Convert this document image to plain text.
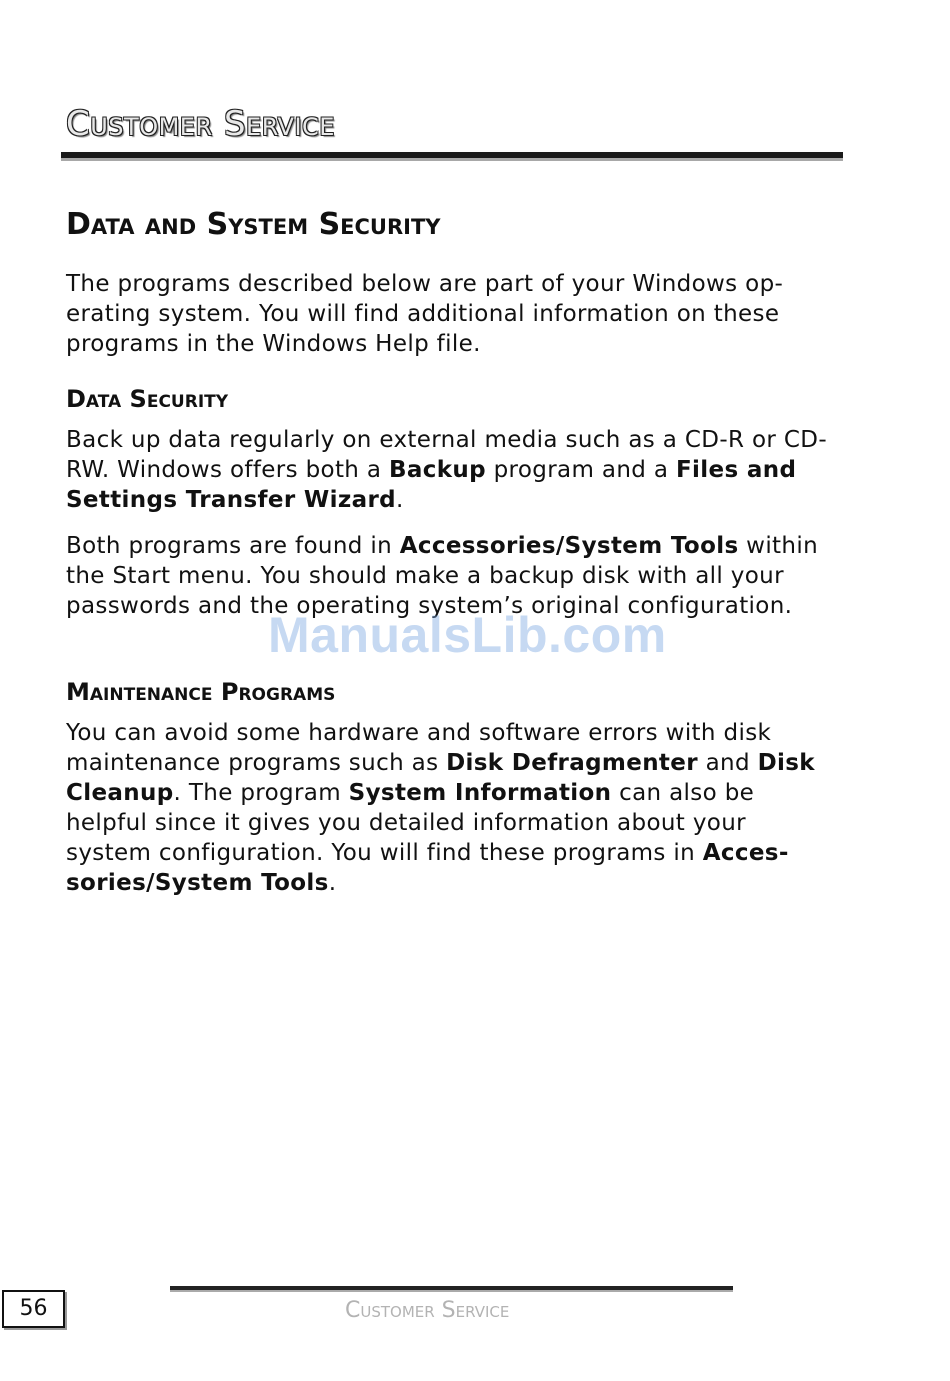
Customer Service
Data and System Security

The programs described below are part of your Windows op- erating system. You will find additional information on these programs in the Windows Help file.

Data Security

Back up data regularly on external media such as a CD-R or CD-RW. Windows offers both a Backup program and a Files and Settings Transfer Wizard.

Both programs are found in Accessories/System Tools within the Start menu. You should make a backup disk with all your passwords and the operating system’s original configuration.

Maintenance Programs

You can avoid some hardware and software errors with disk maintenance programs such as Disk Defragmenter and Disk Cleanup. The program System Information can also be helpful since it gives you detailed information about your system configuration. You will find these programs in Acces- sories/System Tools.

ManualsLib.com
56	Customer Service
